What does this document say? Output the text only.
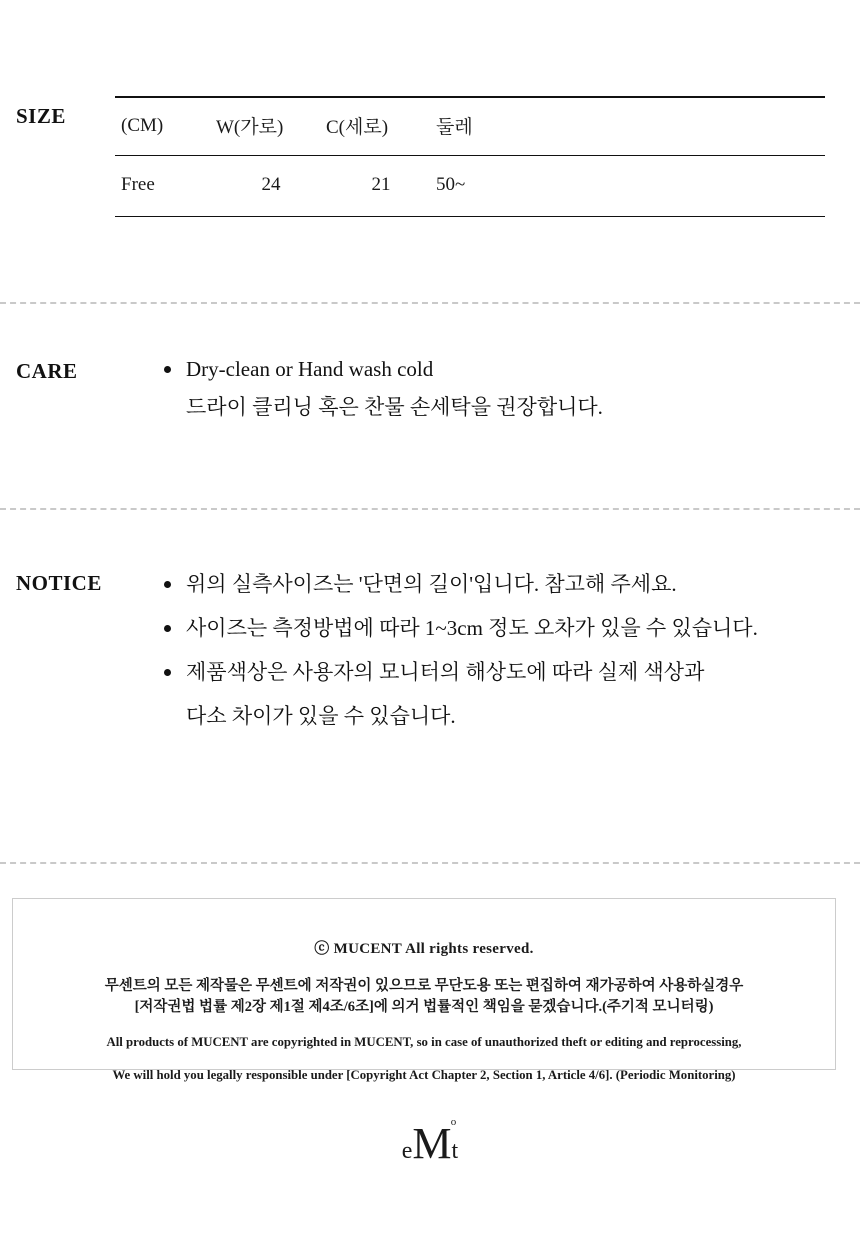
SIZE	(CM)	W(가로)	C(세로)	둘레
Free	24	21	50~
CARE	Dry-clean or Hand wash cold
드라이 클리닝 혹은 찬물 손세탁을 권장합니다.
NOTICE	위의 실측사이즈는 '단면의 길이'입니다. 참고해 주세요.
사이즈는 측정방법에 따라 1~3cm 정도 오차가 있을 수 있습니다.
제품색상은 사용자의 모니터의 해상도에 따라 실제 색상과
다소 차이가 있을 수 있습니다.
ⓒ MUCENT All rights reserved.
무센트의 모든 제작물은 무센트에 저작권이 있으므로 무단도용 또는 편집하여 재가공하여 사용하실경우
[저작권법 법률 제2장 제1절 제4조/6조]에 의거 법률적인 책임을 묻겠습니다.(주기적 모니터링)
All products of MUCENT are copyrighted in MUCENT, so in case of unauthorized theft or editing and reprocessing,
We will hold you legally responsible under [Copyright Act Chapter 2, Section 1, Article 4/6]. (Periodic Monitoring)
eMt
o
